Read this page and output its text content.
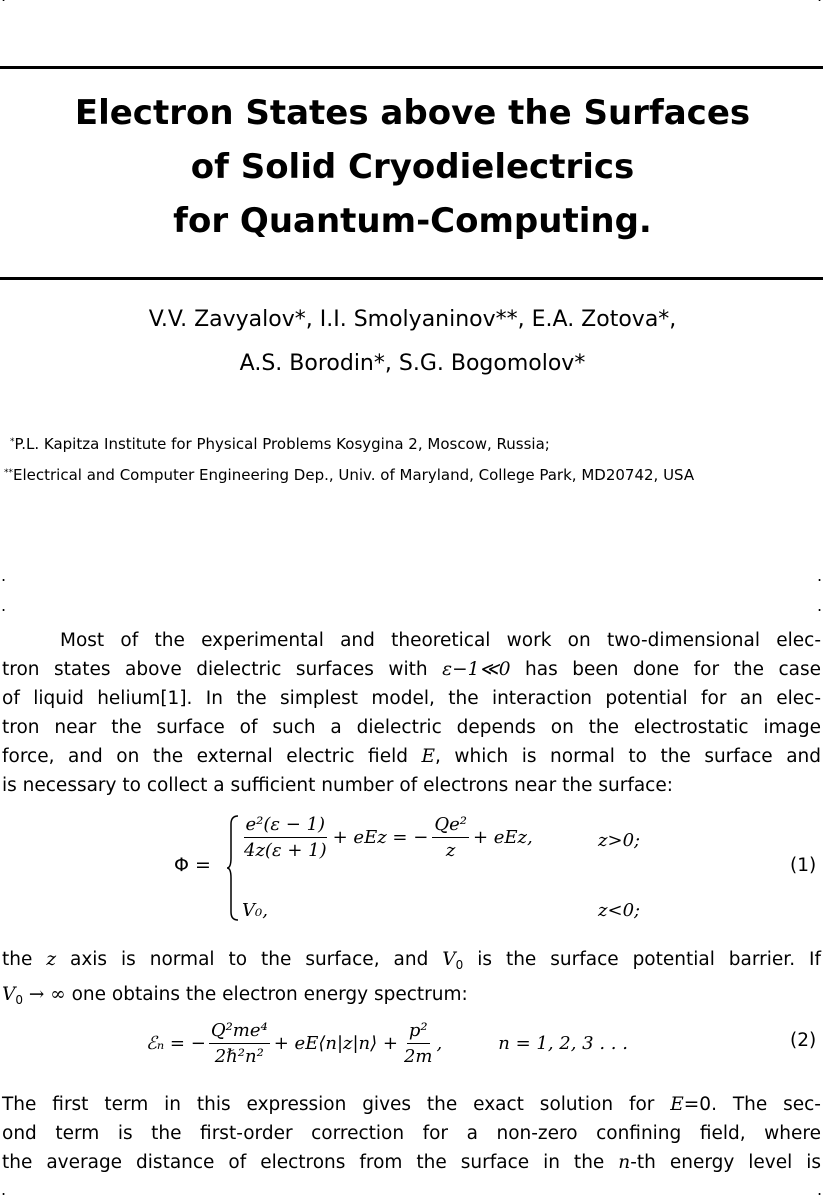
.	.
.	.
.	.
Electron States above the Surfaces
of Solid Cryodielectrics
for Quantum-Computing.
V.V. Zavyalov*, I.I. Smolyaninov**, E.A. Zotova*,
A.S. Borodin*, S.G. Bogomolov*
*P.L. Kapitza Institute for Physical Problems Kosygina 2, Moscow, Russia;
**Electrical and Computer Engineering Dep., Univ. of Maryland, College Park, MD20742, USA
Most of the experimental and theoretical work on two-dimensional elec-
tron states above dielectric surfaces with ε−1≪0 has been done for the case
of liquid helium[1]. In the simplest model, the interaction potential for an elec-
tron near the surface of such a dielectric depends on the electrostatic image
force, and on the external electric field E, which is normal to the surface and
is necessary to collect a sufficient number of electrons near the surface:
Φ =
$\frac{\text{e²(ε − 1)}}{4z(\varepsilon + 1)}$ + eEz = − $\frac{\text{Qe²}}{z}$ + eEz,	z>0;
V₀,	z<0;
(1)
the z axis is normal to the surface, and $V_0$ is the surface potential barrier. If
$V_0$ → ∞ one obtains the electron energy spectrum:
ℰₙ = − $\frac{\text{Q²me⁴}}{\text{2ℏ²n²}}$ + eE⟨n|z|n⟩ + $\frac{\text{p²}}{2m}$ ,	n = 1, 2, 3 . . .	(2)
The first term in this expression gives the exact solution for E=0. The sec-
ond term is the first-order correction for a non-zero confining field, where
the average distance of electrons from the surface in the n-th energy level is
